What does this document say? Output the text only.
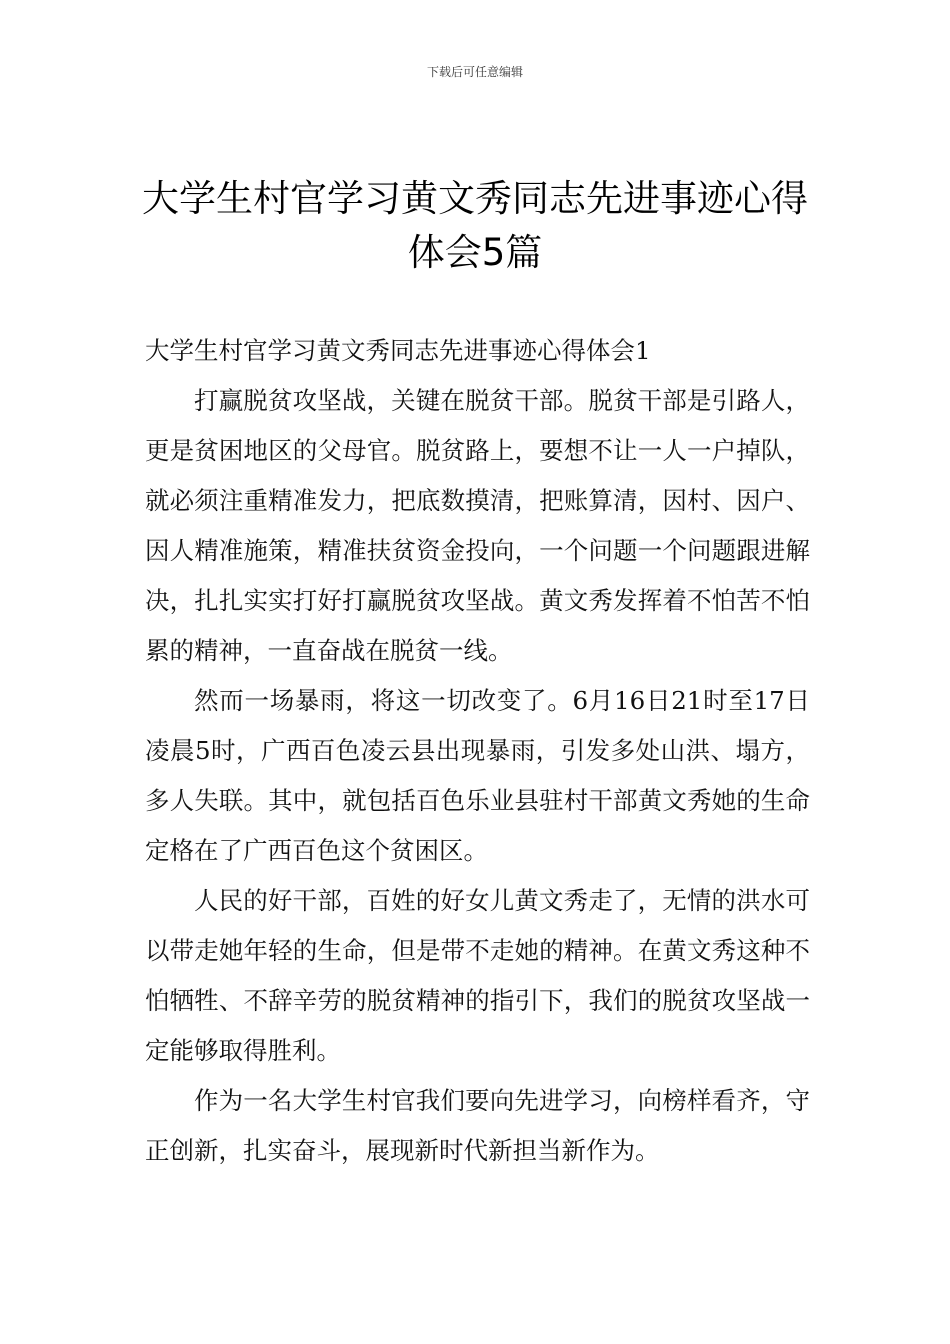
下载后可任意编辑
大学生村官学习黄文秀同志先进事迹心得
体会5篇
大学生村官学习黄文秀同志先进事迹心得体会1

打赢脱贫攻坚战，关键在脱贫干部。脱贫干部是引路人，更是贫困地区的父母官。脱贫路上，要想不让一人一户掉队，就必须注重精准发力，把底数摸清，把账算清，因村、因户、因人精准施策，精准扶贫资金投向，一个问题一个问题跟进解决，扎扎实实打好打赢脱贫攻坚战。黄文秀发挥着不怕苦不怕累的精神，一直奋战在脱贫一线。

然而一场暴雨，将这一切改变了。6月16日21时至17日凌晨5时，广西百色凌云县出现暴雨，引发多处山洪、塌方，多人失联。其中，就包括百色乐业县驻村干部黄文秀她的生命定格在了广西百色这个贫困区。

人民的好干部，百姓的好女儿黄文秀走了，无情的洪水可以带走她年轻的生命，但是带不走她的精神。在黄文秀这种不怕牺牲、不辞辛劳的脱贫精神的指引下，我们的脱贫攻坚战一定能够取得胜利。

作为一名大学生村官我们要向先进学习，向榜样看齐，守正创新，扎实奋斗，展现新时代新担当新作为。
